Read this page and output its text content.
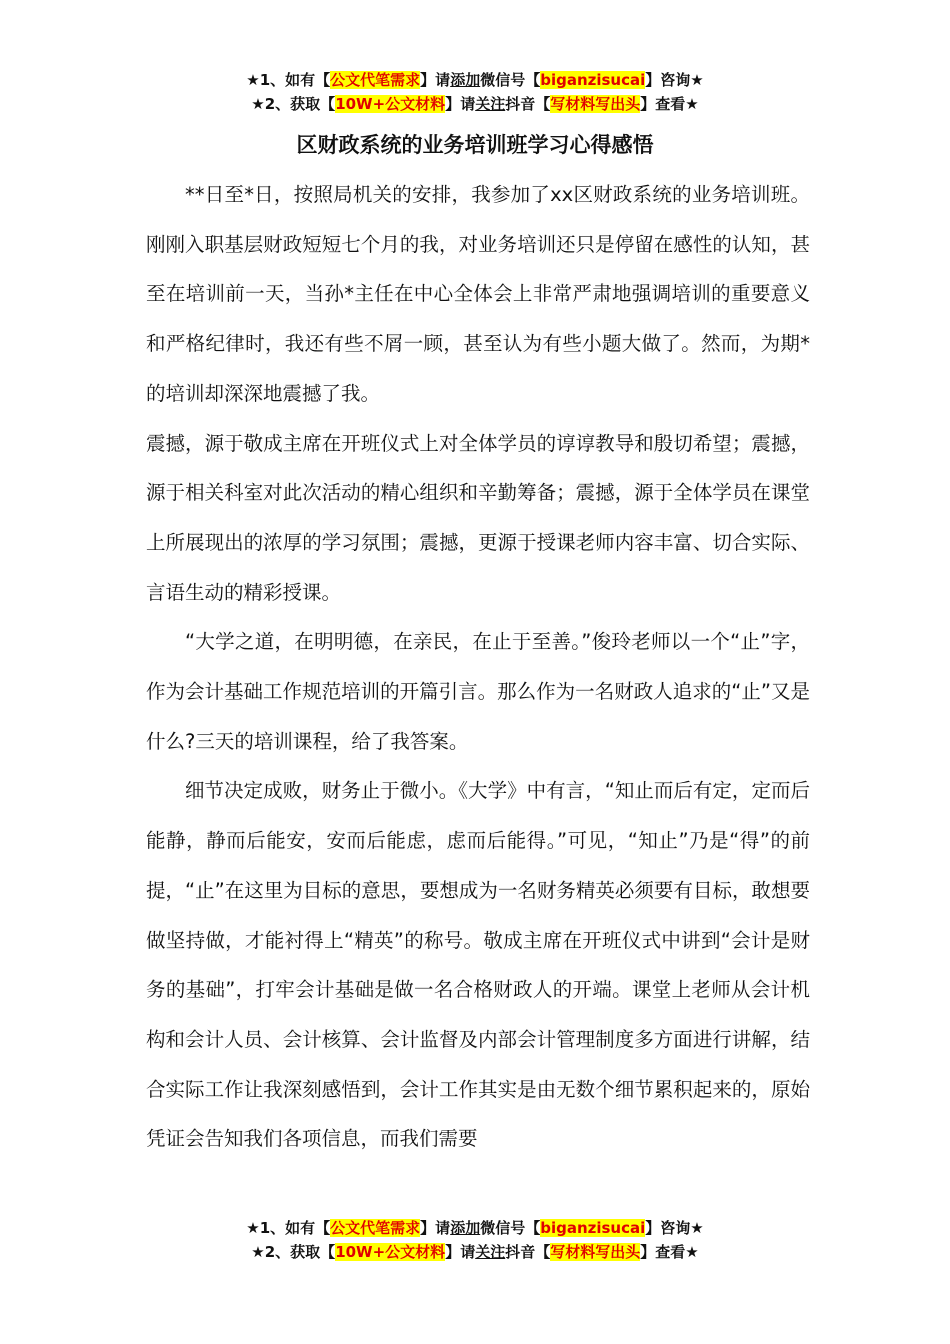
★1、如有【公文代笔需求】请添加微信号【biganzisucai】咨询★
★2、获取【10W+公文材料】请关注抖音【写材料写出头】查看★
区财政系统的业务培训班学习心得感悟

**日至*日，按照局机关的安排，我参加了xx区财政系统的业务培训班。刚刚入职基层财政短短七个月的我，对业务培训还只是停留在感性的认知，甚至在培训前一天，当孙*主任在中心全体会上非常严肃地强调培训的重要意义和严格纪律时，我还有些不屑一顾，甚至认为有些小题大做了。然而，为期*的培训却深深地震撼了我。

震撼，源于敬成主席在开班仪式上对全体学员的谆谆教导和殷切希望；震撼，源于相关科室对此次活动的精心组织和辛勤筹备；震撼，源于全体学员在课堂上所展现出的浓厚的学习氛围；震撼，更源于授课老师内容丰富、切合实际、言语生动的精彩授课。

“大学之道，在明明德，在亲民，在止于至善。”俊玲老师以一个“止”字，作为会计基础工作规范培训的开篇引言。那么作为一名财政人追求的“止”又是什么?三天的培训课程，给了我答案。

细节决定成败，财务止于微小。《大学》中有言，“知止而后有定，定而后能静，静而后能安，安而后能虑，虑而后能得。”可见，“知止”乃是“得”的前提，“止”在这里为目标的意思，要想成为一名财务精英必须要有目标，敢想要做坚持做，才能衬得上“精英”的称号。敬成主席在开班仪式中讲到“会计是财务的基础”，打牢会计基础是做一名合格财政人的开端。课堂上老师从会计机构和会计人员、会计核算、会计监督及内部会计管理制度多方面进行讲解，结合实际工作让我深刻感悟到，会计工作其实是由无数个细节累积起来的，原始凭证会告知我们各项信息，而我们需要

★1、如有【公文代笔需求】请添加微信号【biganzisucai】咨询★
★2、获取【10W+公文材料】请关注抖音【写材料写出头】查看★
